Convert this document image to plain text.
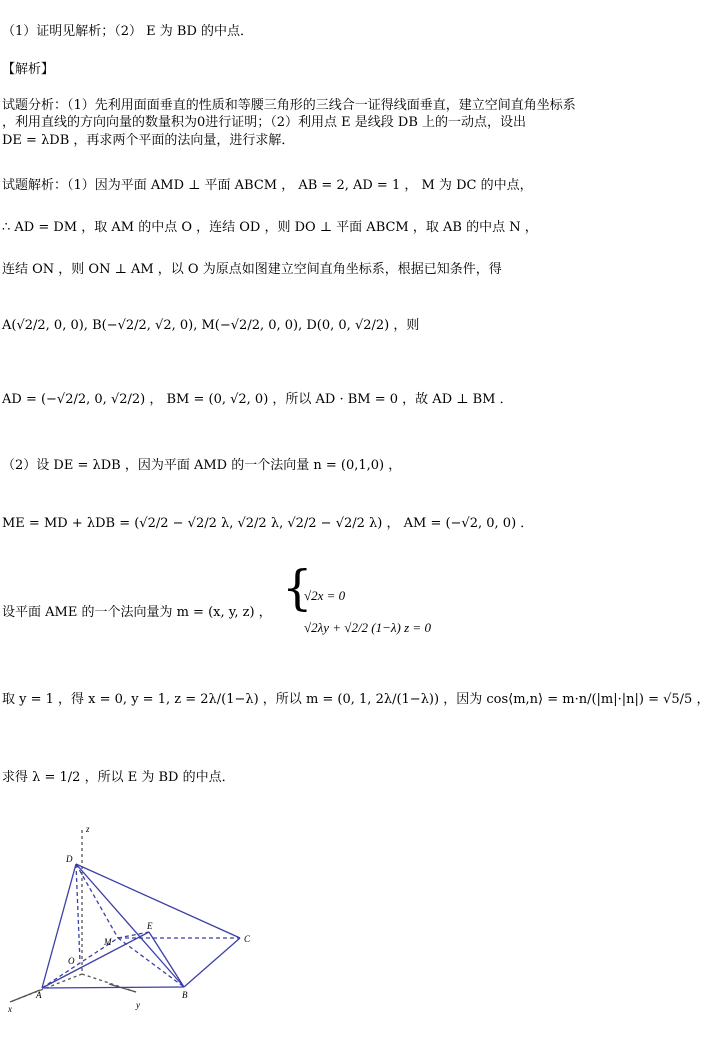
（1）证明见解析；（2） E 为 BD 的中点．
【解析】
试题分析：（1）先利用面面垂直的性质和等腰三角形的三线合一证得线面垂直，建立空间直角坐标系
，利用直线的方向向量的数量积为0进行证明；（2）利用点 E 是线段 DB 上的一动点，设出
DE = λDB ，再求两个平面的法向量，进行求解．
试题解析：（1）因为平面 AMD ⊥ 平面 ABCM ， AB = 2, AD = 1 ， M 为 DC 的中点，
∴ AD = DM ，取 AM 的中点 O ，连结 OD ，则 DO ⊥ 平面 ABCM ，取 AB 的中点 N ，
连结 ON ，则 ON ⊥ AM ，以 O 为原点如图建立空间直角坐标系，根据已知条件，得
A(√2/2, 0, 0), B(−√2/2, √2, 0), M(−√2/2, 0, 0), D(0, 0, √2/2) ，则
AD = (−√2/2, 0, √2/2) ， BM = (0, √2, 0) ，所以 AD · BM = 0 ，故 AD ⊥ BM ．
（2）设 DE = λDB ，因为平面 AMD 的一个法向量 n = (0,1,0) ，
ME = MD + λDB = (√2/2 − √2/2 λ, √2/2 λ, √2/2 − √2/2 λ) ， AM = (−√2, 0, 0) ．
设平面 AME 的一个法向量为 m = (x, y, z) ， {
√2x = 0
√2λy + √2/2 (1−λ) z = 0
取 y = 1 ，得 x = 0, y = 1, z = 2λ/(1−λ) ，所以 m = (0, 1, 2λ/(1−λ)) ，因为 cos⟨m,n⟩ = m·n/(|m|·|n|) = √5/5 ，
求得 λ = 1/2 ，所以 E 为 BD 的中点．
z
D
M
E
C
O
A	B
x	y
